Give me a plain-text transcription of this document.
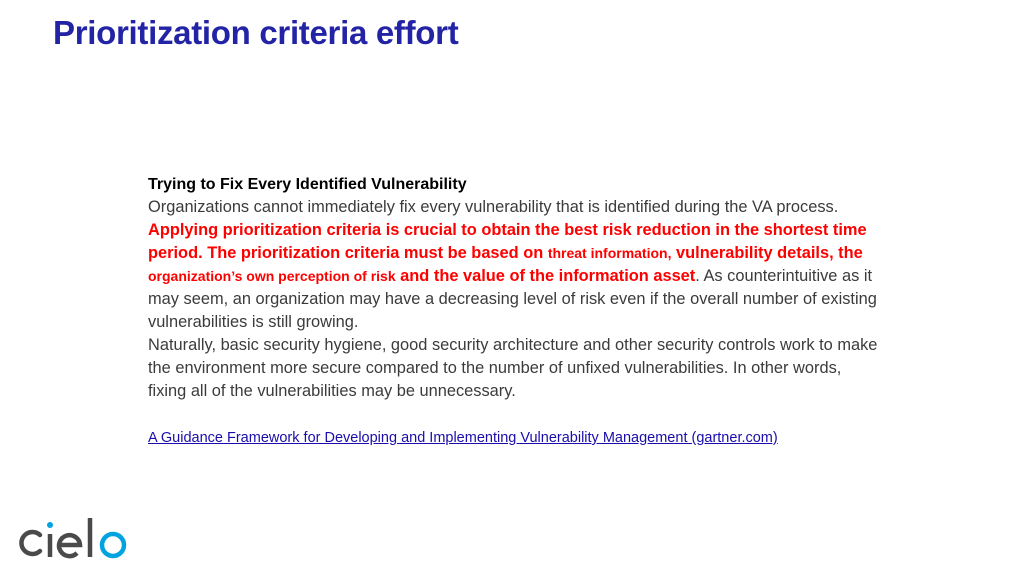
Prioritization criteria effort
Trying to Fix Every Identified Vulnerability

Organizations cannot immediately fix every vulnerability that is identified during the VA process. Applying prioritization criteria is crucial to obtain the best risk reduction in the shortest time period. The prioritization criteria must be based on threat information, vulnerability details, the organization’s own perception of risk and the value of the information asset. As counterintuitive as it may seem, an organization may have a decreasing level of risk even if the overall number of existing vulnerabilities is still growing.

Naturally, basic security hygiene, good security architecture and other security controls work to make the environment more secure compared to the number of unfixed vulnerabilities. In other words, fixing all of the vulnerabilities may be unnecessary.

A Guidance Framework for Developing and Implementing Vulnerability Management (gartner.com)
